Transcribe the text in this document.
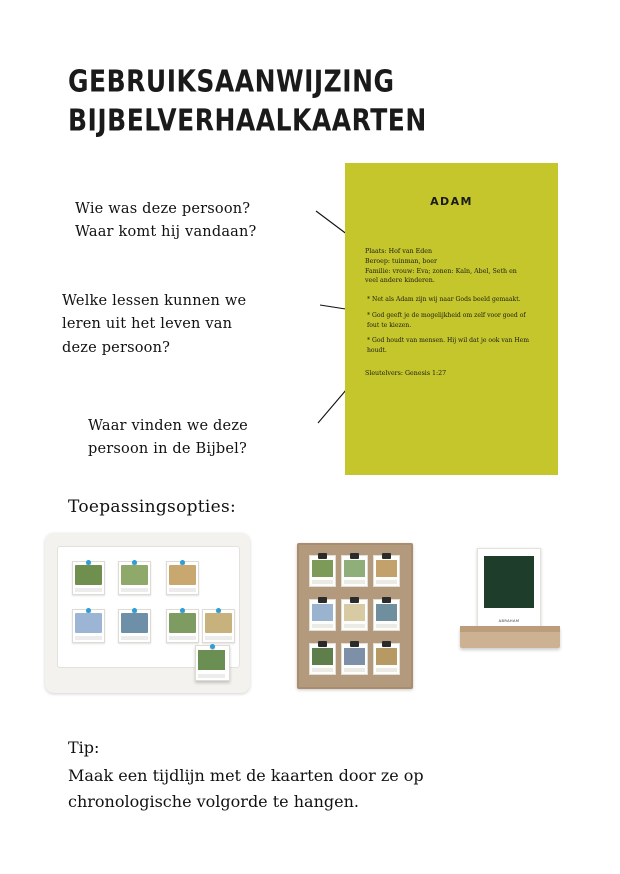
GEBRUIKSAANWIJZING
BIJBELVERHAALKAARTEN
Wie was deze persoon?
Waar komt hij vandaan?
Welke lessen kunnen we
leren uit het leven van
deze persoon?
Waar vinden we deze
persoon in de Bijbel?
ADAM
Plaats: Hof van Eden
Beroep: tuinman, boer
Familie: vrouw: Eva; zonen: Kaïn, Abel, Seth en
veel andere kinderen.

* Net als Adam zijn wij naar Gods beeld gemaakt.

* God geeft je de mogelijkheid om zelf voor goed of fout te kiezen.

* God houdt van mensen. Hij wil dat je ook van Hem houdt.

Sleutelvers: Genesis 1:27
Toepassingsopties:
ABRAHAM
Tip:
Maak een tijdlijn met de kaarten door ze op
chronologische volgorde te hangen.
